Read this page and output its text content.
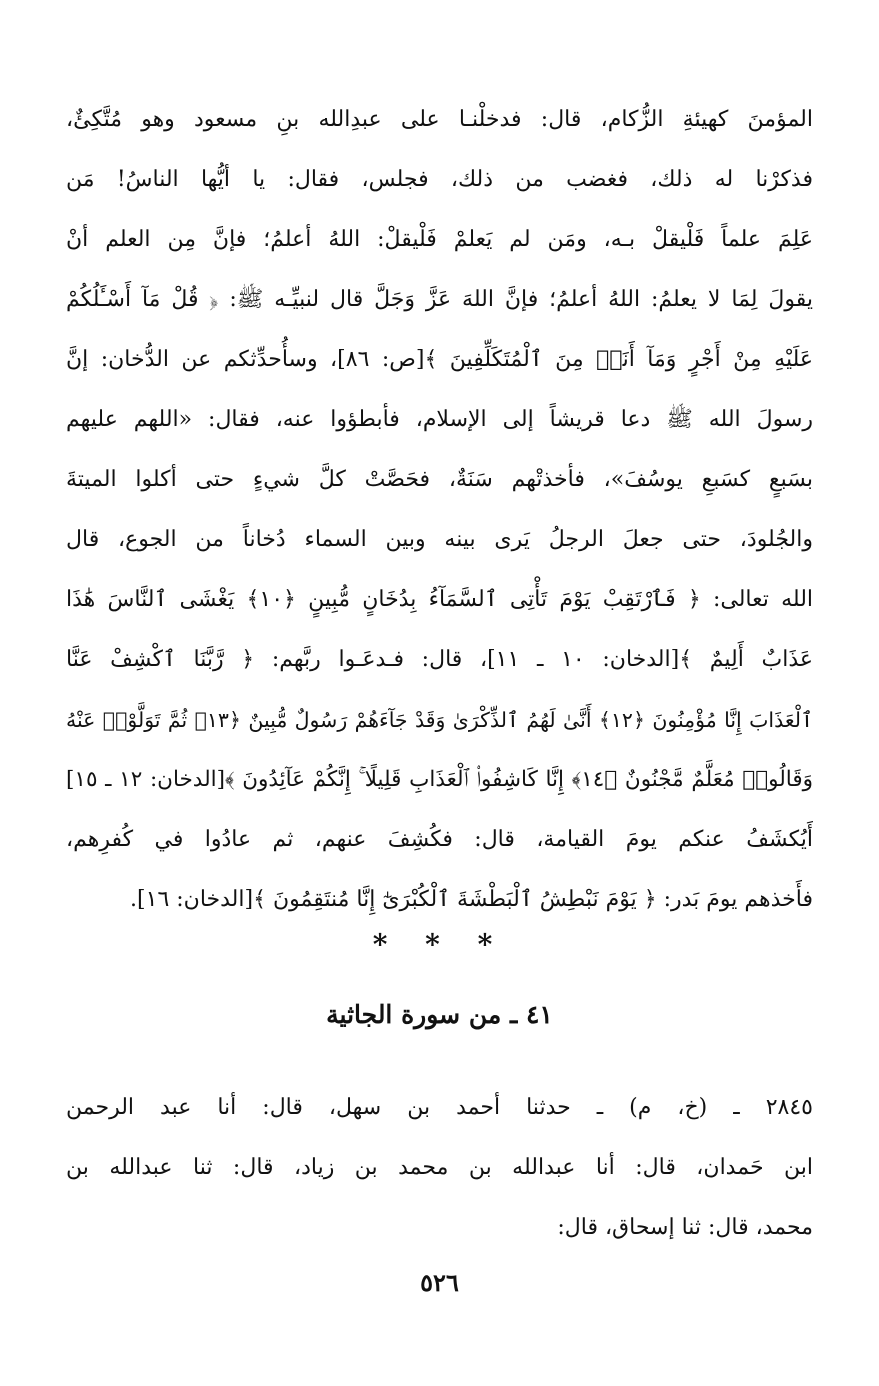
المؤمنَ كهيئةِ الزُّكام، قال: فدخلْنـا على عبدِالله بنِ مسعود وهو مُتَّكِئٌ،
فذكرْنا له ذلك، فغضب من ذلك، فجلس، فقال: يا أيُّها الناسُ! مَن
عَلِمَ علماً فَلْيقلْ بـه، ومَن لم يَعلمْ فَلْيقلْ: اللهُ أعلمُ؛ فإنَّ مِن العلم أنْ
يقولَ لِمَا لا يعلمُ: اللهُ أعلمُ؛ فإنَّ اللهَ عَزَّ وَجَلَّ قال لنبيِّـه ﷺ: ﴿ قُلْ مَآ أَسْـَٔلُكُمْ
عَلَيْهِ مِنْ أَجْرٍ وَمَآ أَنَا۠ مِنَ ٱلْمُتَكَلِّفِينَ ﴾[ص: ٨٦]، وسأُحدِّثكم عن الدُّخان: إنَّ
رسولَ الله ﷺ دعا قريشاً إلى الإسلام، فأبطؤوا عنه، فقال: «اللهم عليهم
بسَبعٍ كسَبعِ يوسُفَ»، فأخذتْهم سَنَةٌ، فحَصَّتْ كلَّ شيءٍ حتى أكلوا الميتةَ
والجُلودَ، حتى جعلَ الرجلُ يَرى بينه وبين السماء دُخاناً من الجوع، قال
الله تعالى: ﴿ فَٱرْتَقِبْ يَوْمَ تَأْتِى ٱلسَّمَآءُ بِدُخَانٍ مُّبِينٍ ﴿١٠﴾ يَغْشَى ٱلنَّاسَ هَٰذَا
عَذَابٌ أَلِيمٌ ﴾[الدخان: ١٠ ـ ١١]، قال: فـدعَـوا ربَّهم: ﴿ رَّبَّنَا ٱكْشِفْ عَنَّا
ٱلْعَذَابَ إِنَّا مُؤْمِنُونَ ﴿١٢﴾ أَنَّىٰ لَهُمُ ٱلذِّكْرَىٰ وَقَدْ جَآءَهُمْ رَسُولٌ مُّبِينٌ ﴿١٣﴾ ثُمَّ تَوَلَّوْا۟ عَنْهُ
وَقَالُوا۟ مُعَلَّمٌ مَّجْنُونٌ ﴿١٤﴾ إِنَّا كَاشِفُوا۟ ٱلْعَذَابِ قَلِيلًا ۚ إِنَّكُمْ عَآئِدُونَ ﴾[الدخان: ١٢ ـ ١٥]
أَيُكشَفُ عنكم يومَ القيامة، قال: فكُشِفَ عنهم، ثم عادُوا في كُفرِهم،
فأَخذهم يومَ بَدر: ﴿ يَوْمَ نَبْطِشُ ٱلْبَطْشَةَ ٱلْكُبْرَىٰٓ إِنَّا مُنتَقِمُونَ ﴾[الدخان: ١٦].
* * *
٤١ ـ من سورة الجاثية
٢٨٤٥ ـ (خ، م) ـ حدثنا أحمد بن سهل، قال: أنا عبد الرحمن
ابن حَمدان، قال: أنا عبدالله بن محمد بن زياد، قال: ثنا عبدالله بن
محمد، قال: ثنا إسحاق، قال:
٥٢٦
